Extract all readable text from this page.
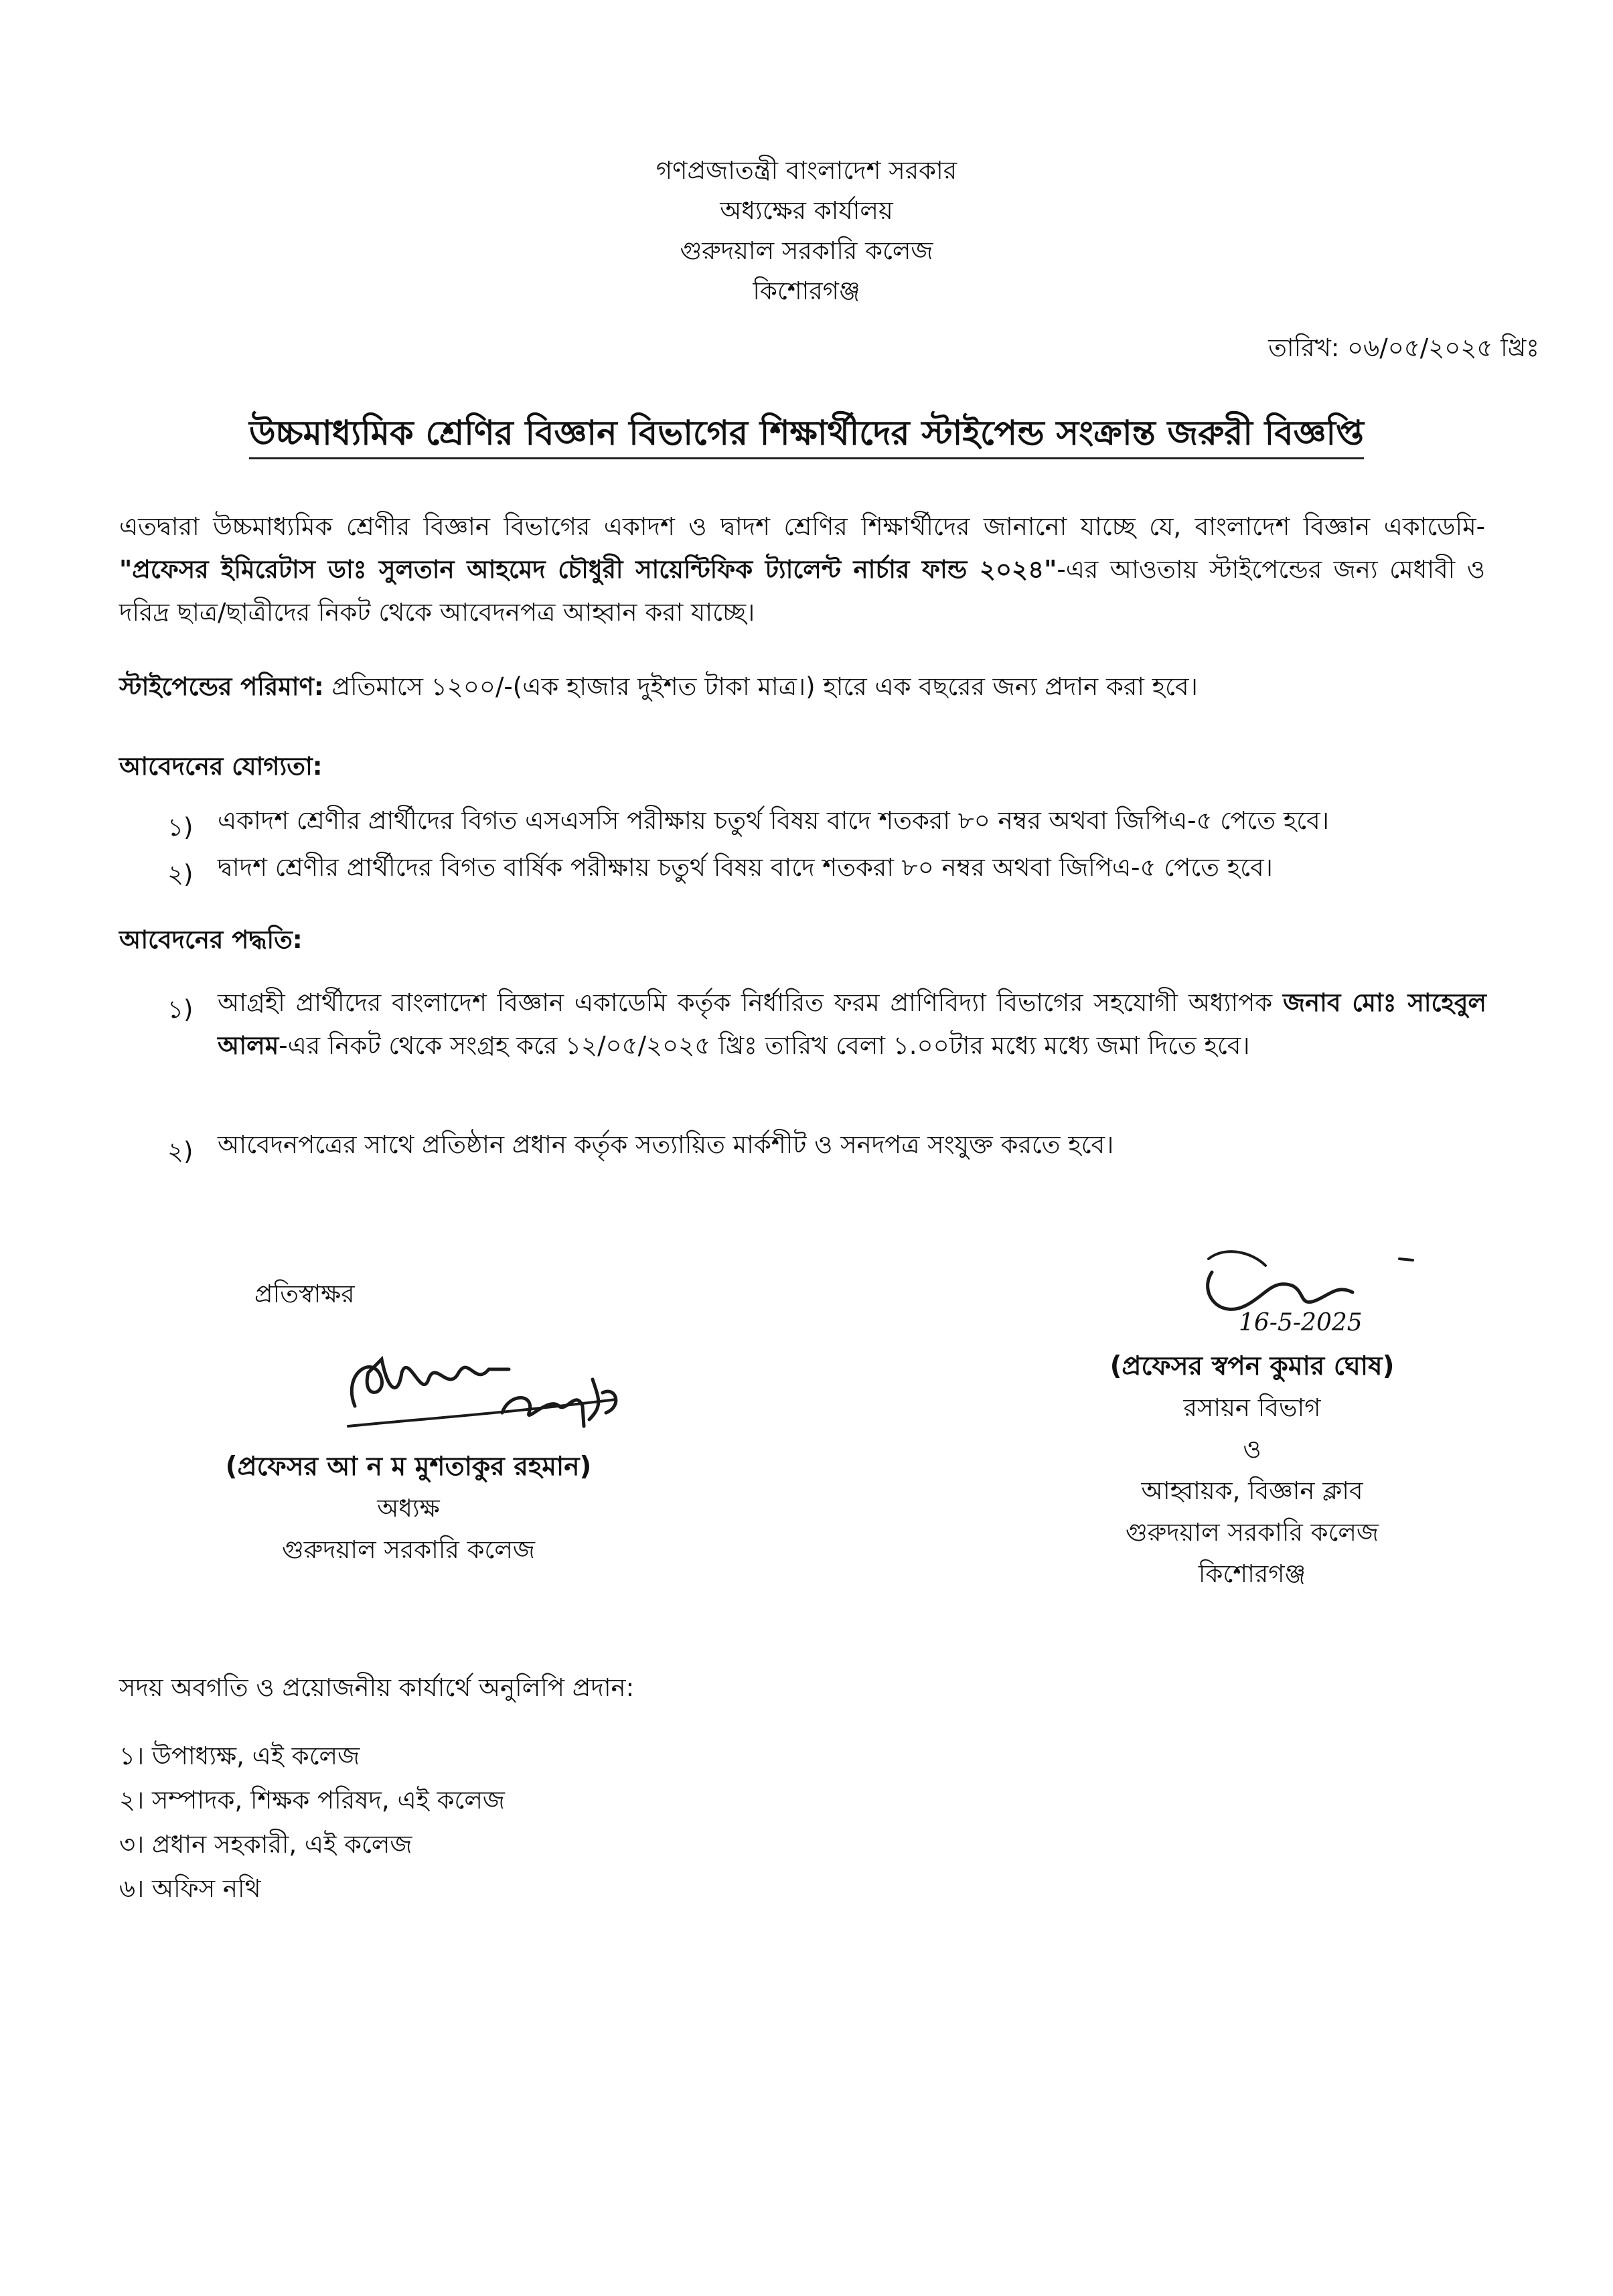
গণপ্রজাতন্ত্রী বাংলাদেশ সরকার
অধ্যক্ষের কার্যালয়
গুরুদয়াল সরকারি কলেজ
কিশোরগঞ্জ
তারিখ: ০৬/০৫/২০২৫ খ্রিঃ
উচ্চমাধ্যমিক শ্রেণির বিজ্ঞান বিভাগের শিক্ষার্থীদের স্টাইপেন্ড সংক্রান্ত জরুরী বিজ্ঞপ্তি
এতদ্বারা উচ্চমাধ্যমিক শ্রেণীর বিজ্ঞান বিভাগের একাদশ ও দ্বাদশ শ্রেণির শিক্ষার্থীদের জানানো যাচ্ছে যে, বাংলাদেশ বিজ্ঞান একাডেমি- "প্রফেসর ইমিরেটাস ডাঃ সুলতান আহমেদ চৌধুরী সায়েন্টিফিক ট্যালেন্ট নার্চার ফান্ড ২০২৪"-এর আওতায় স্টাইপেন্ডের জন্য মেধাবী ও দরিদ্র ছাত্র/ছাত্রীদের নিকট থেকে আবেদনপত্র আহ্বান করা যাচ্ছে।
স্টাইপেন্ডের পরিমাণ: প্রতিমাসে ১২০০/-(এক হাজার দুইশত টাকা মাত্র।) হারে এক বছরের জন্য প্রদান করা হবে।
আবেদনের যোগ্যতা:
১) একাদশ শ্রেণীর প্রার্থীদের বিগত এসএসসি পরীক্ষায় চতুর্থ বিষয় বাদে শতকরা ৮০ নম্বর অথবা জিপিএ-৫ পেতে হবে।
২) দ্বাদশ শ্রেণীর প্রার্থীদের বিগত বার্ষিক পরীক্ষায় চতুর্থ বিষয় বাদে শতকরা ৮০ নম্বর অথবা জিপিএ-৫ পেতে হবে।
আবেদনের পদ্ধতি:
১) আগ্রহী প্রার্থীদের বাংলাদেশ বিজ্ঞান একাডেমি কর্তৃক নির্ধারিত ফরম প্রাণিবিদ্যা বিভাগের সহযোগী অধ্যাপক জনাব মোঃ সাহেবুল আলম-এর নিকট থেকে সংগ্রহ করে ১২/০৫/২০২৫ খ্রিঃ তারিখ বেলা ১.০০টার মধ্যে মধ্যে জমা দিতে হবে।
২) আবেদনপত্রের সাথে প্রতিষ্ঠান প্রধান কর্তৃক সত্যায়িত মার্কশীট ও সনদপত্র সংযুক্ত করতে হবে।
প্রতিস্বাক্ষর
(প্রফেসর আ ন ম মুশতাকুর রহমান)
অধ্যক্ষ
গুরুদয়াল সরকারি কলেজ
16-5-2025
(প্রফেসর স্বপন কুমার ঘোষ)
রসায়ন বিভাগ
ও
আহ্বায়ক, বিজ্ঞান ক্লাব
গুরুদয়াল সরকারি কলেজ
কিশোরগঞ্জ
সদয় অবগতি ও প্রয়োজনীয় কার্যার্থে অনুলিপি প্রদান:
১। উপাধ্যক্ষ, এই কলেজ
২। সম্পাদক, শিক্ষক পরিষদ, এই কলেজ
৩। প্রধান সহকারী, এই কলেজ
৬। অফিস নথি
